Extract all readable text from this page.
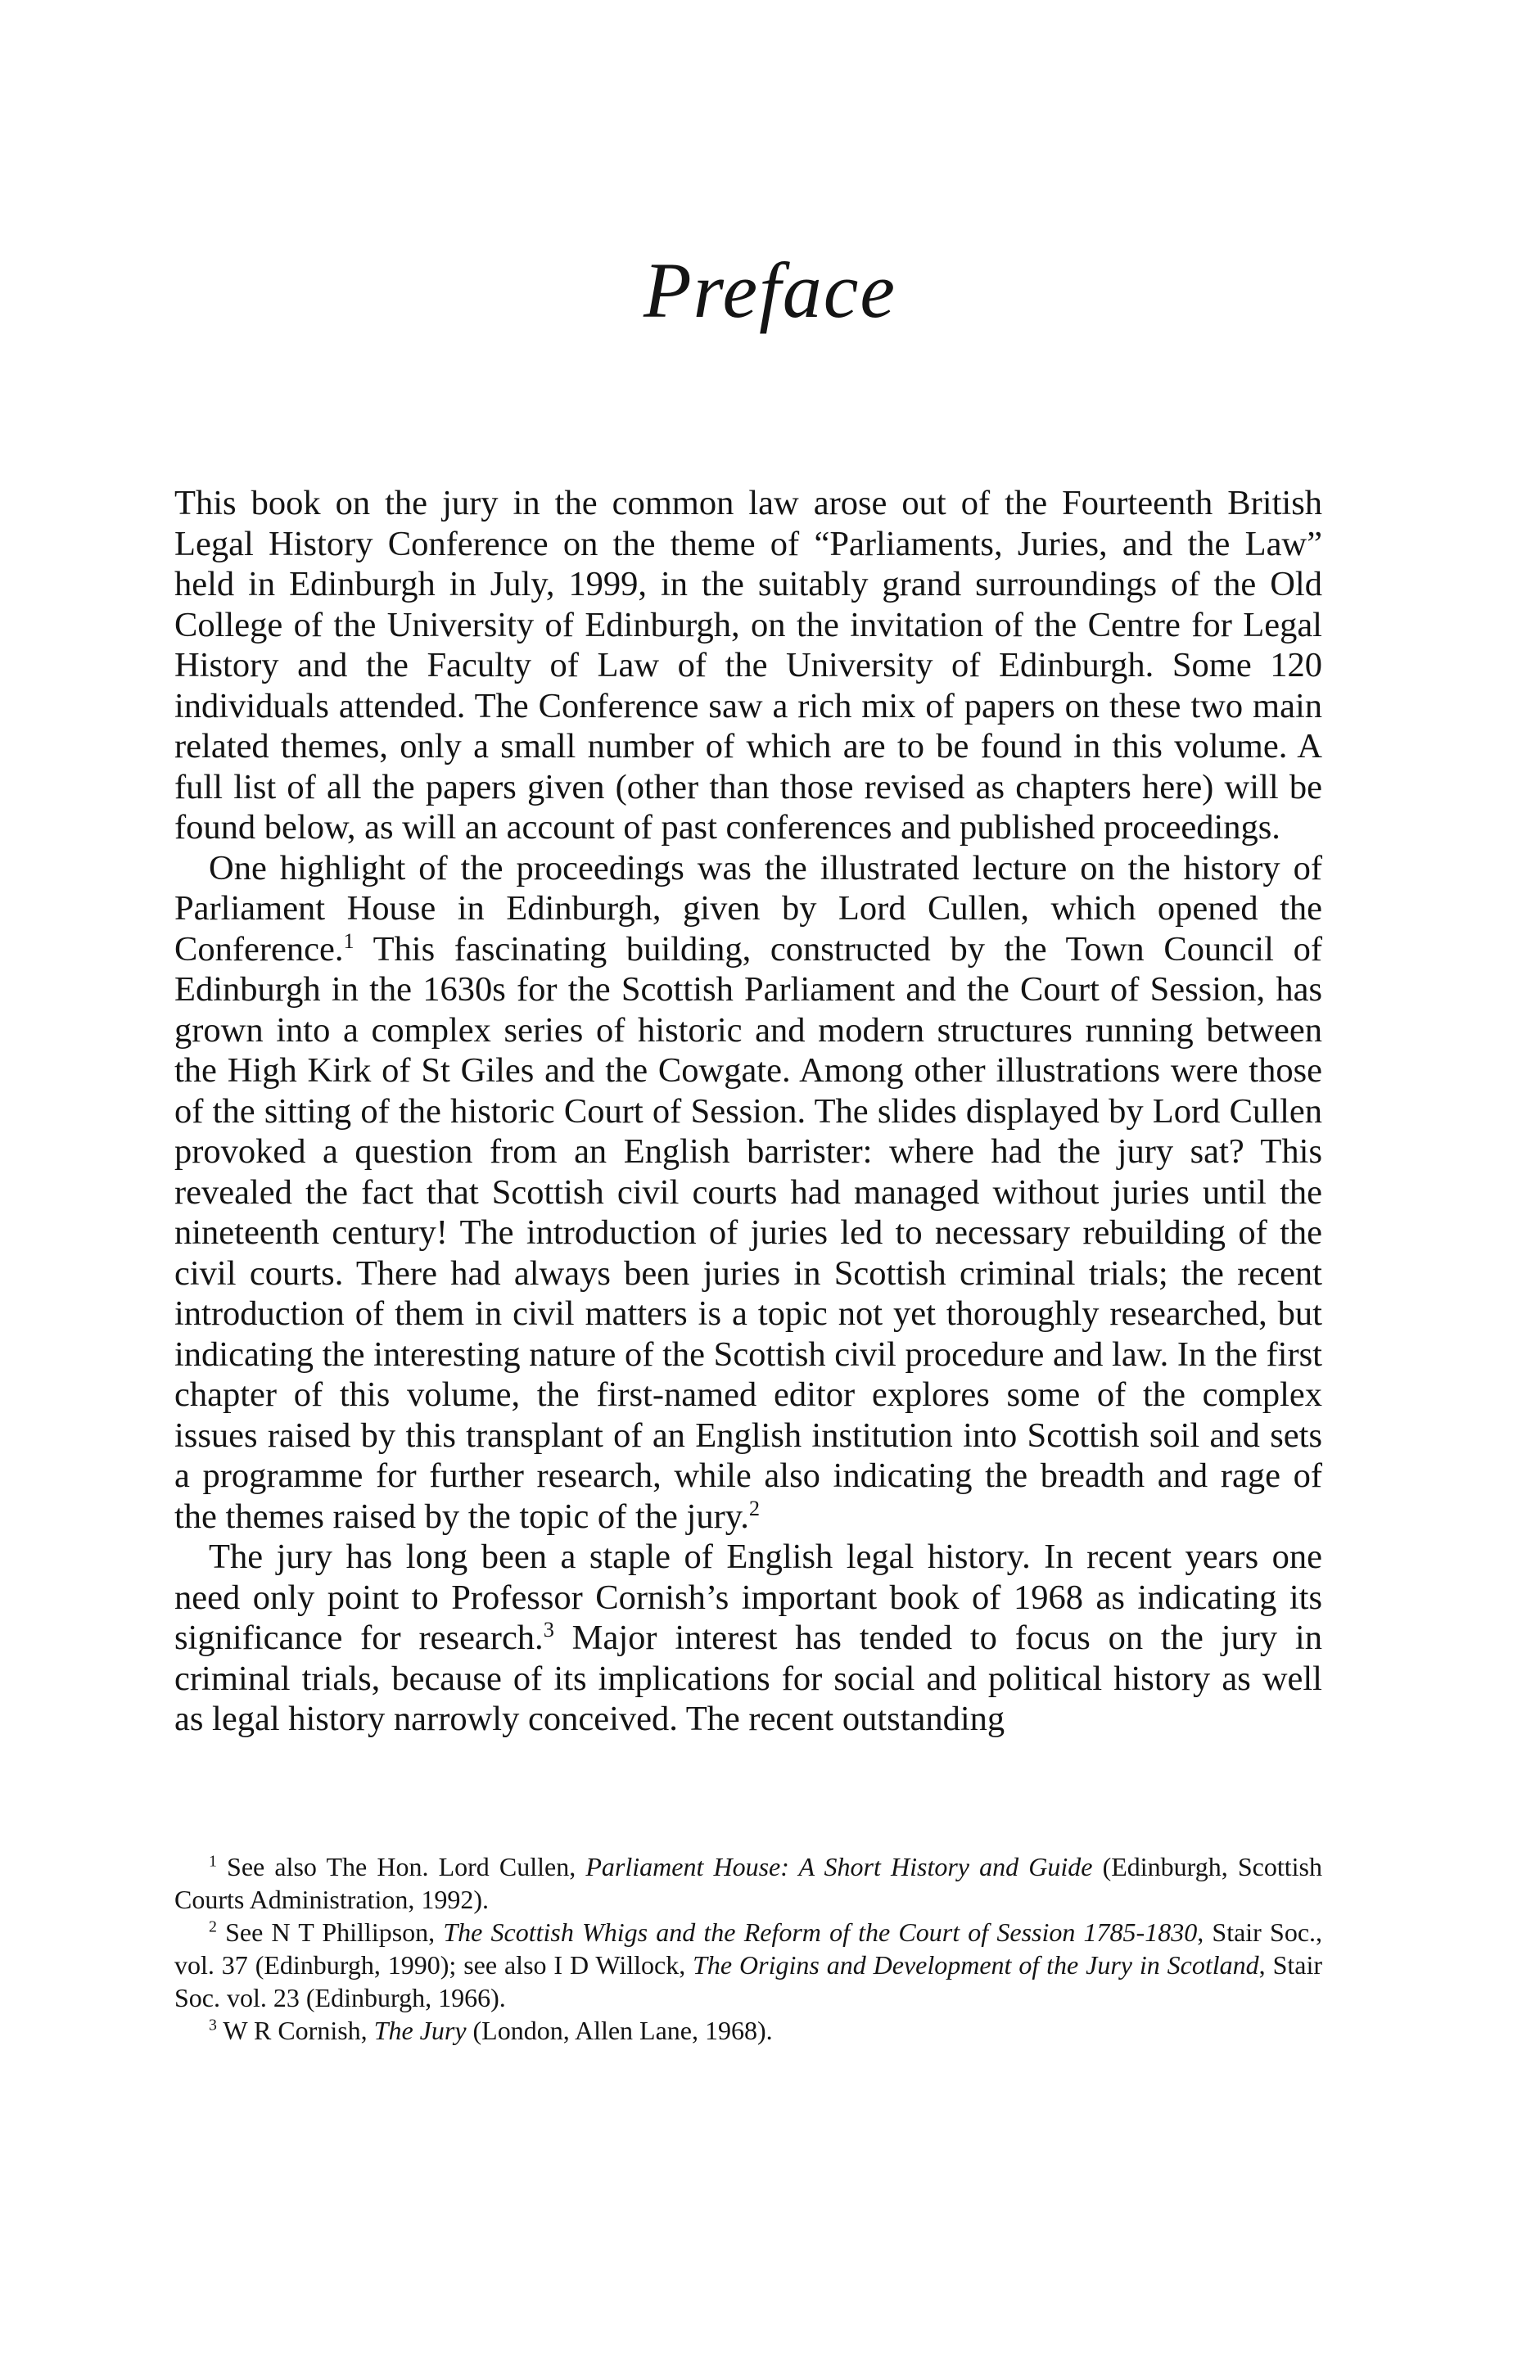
Preface

This book on the jury in the common law arose out of the Fourteenth British Legal History Conference on the theme of “Parliaments, Juries, and the Law” held in Edinburgh in July, 1999, in the suitably grand surroundings of the Old College of the University of Edinburgh, on the invitation of the Centre for Legal History and the Faculty of Law of the University of Edinburgh. Some 120 individuals attended. The Conference saw a rich mix of papers on these two main related themes, only a small number of which are to be found in this volume. A full list of all the papers given (other than those revised as chapters here) will be found below, as will an account of past conferences and published proceedings.

One highlight of the proceedings was the illustrated lecture on the history of Parliament House in Edinburgh, given by Lord Cullen, which opened the Conference.$^1$ This fascinating building, constructed by the Town Council of Edinburgh in the 1630s for the Scottish Parliament and the Court of Session, has grown into a complex series of historic and modern structures running between the High Kirk of St Giles and the Cowgate. Among other illustrations were those of the sitting of the historic Court of Session. The slides displayed by Lord Cullen provoked a question from an English barrister: where had the jury sat? This revealed the fact that Scottish civil courts had managed without juries until the nineteenth century! The introduction of juries led to necessary rebuilding of the civil courts. There had always been juries in Scottish criminal trials; the recent introduction of them in civil matters is a topic not yet thoroughly researched, but indicating the interesting nature of the Scottish civil procedure and law. In the first chapter of this volume, the first-named editor explores some of the complex issues raised by this transplant of an English institution into Scottish soil and sets a programme for further research, while also indicating the breadth and rage of the themes raised by the topic of the jury.$^2$

The jury has long been a staple of English legal history. In recent years one need only point to Professor Cornish’s important book of 1968 as indicating its significance for research.$^3$ Major interest has tended to focus on the jury in criminal trials, because of its implications for social and political history as well as legal history narrowly conceived. The recent outstanding

$^1$ See also The Hon. Lord Cullen, Parliament House: A Short History and Guide (Edinburgh, Scottish Courts Administration, 1992).

$^2$ See N T Phillipson, The Scottish Whigs and the Reform of the Court of Session 1785-1830, Stair Soc., vol. 37 (Edinburgh, 1990); see also I D Willock, The Origins and Development of the Jury in Scotland, Stair Soc. vol. 23 (Edinburgh, 1966).

$^3$ W R Cornish, The Jury (London, Allen Lane, 1968).
